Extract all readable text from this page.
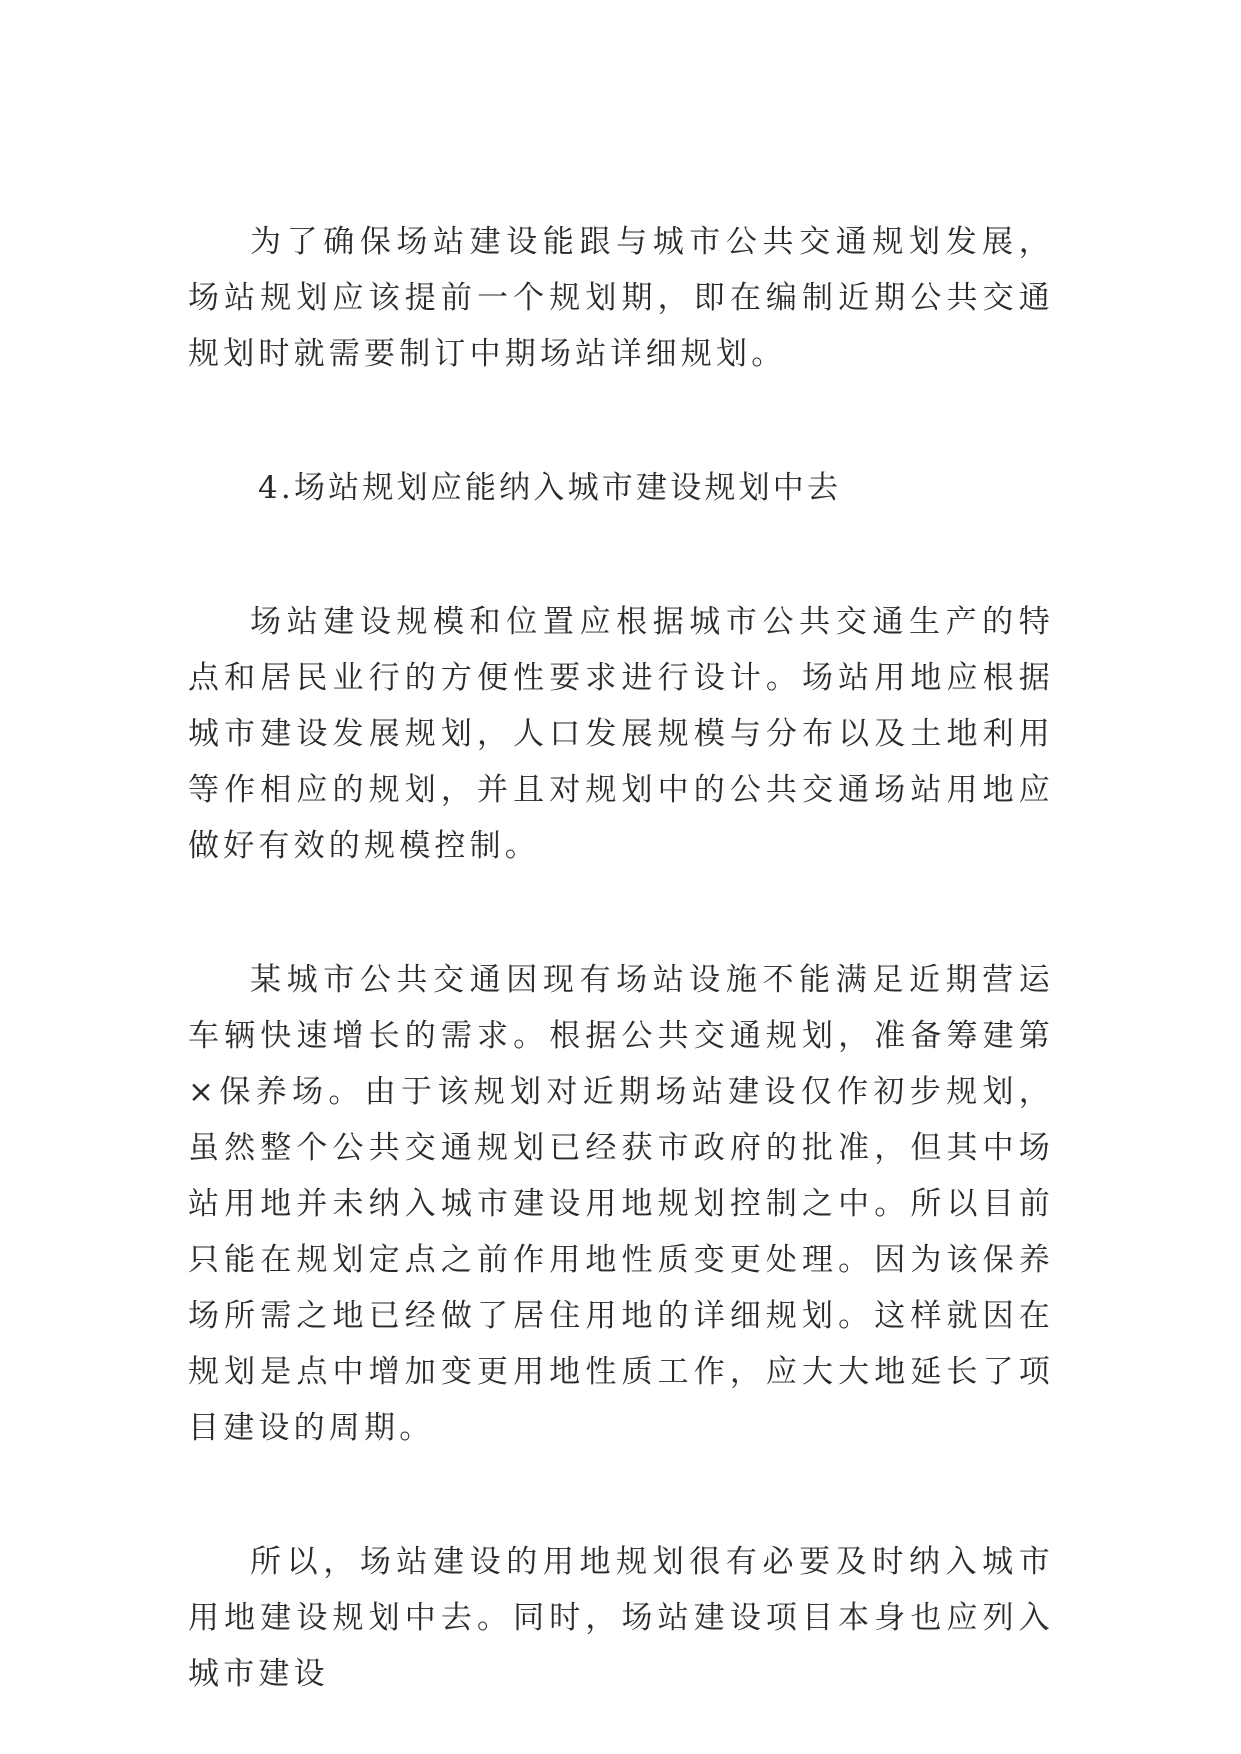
为了确保场站建设能跟与城市公共交通规划发展，场站规划应该提前一个规划期，即在编制近期公共交通规划时就需要制订中期场站详细规划。

4.场站规划应能纳入城市建设规划中去

场站建设规模和位置应根据城市公共交通生产的特点和居民业行的方便性要求进行设计。场站用地应根据城市建设发展规划，人口发展规模与分布以及土地利用等作相应的规划，并且对规划中的公共交通场站用地应做好有效的规模控制。

某城市公共交通因现有场站设施不能满足近期营运车辆快速增长的需求。根据公共交通规划，准备筹建第×保养场。由于该规划对近期场站建设仅作初步规划，虽然整个公共交通规划已经获市政府的批准，但其中场站用地并未纳入城市建设用地规划控制之中。所以目前只能在规划定点之前作用地性质变更处理。因为该保养场所需之地已经做了居住用地的详细规划。这样就因在规划是点中增加变更用地性质工作，应大大地延长了项目建设的周期。

所以，场站建设的用地规划很有必要及时纳入城市用地建设规划中去。同时，场站建设项目本身也应列入城市建设
